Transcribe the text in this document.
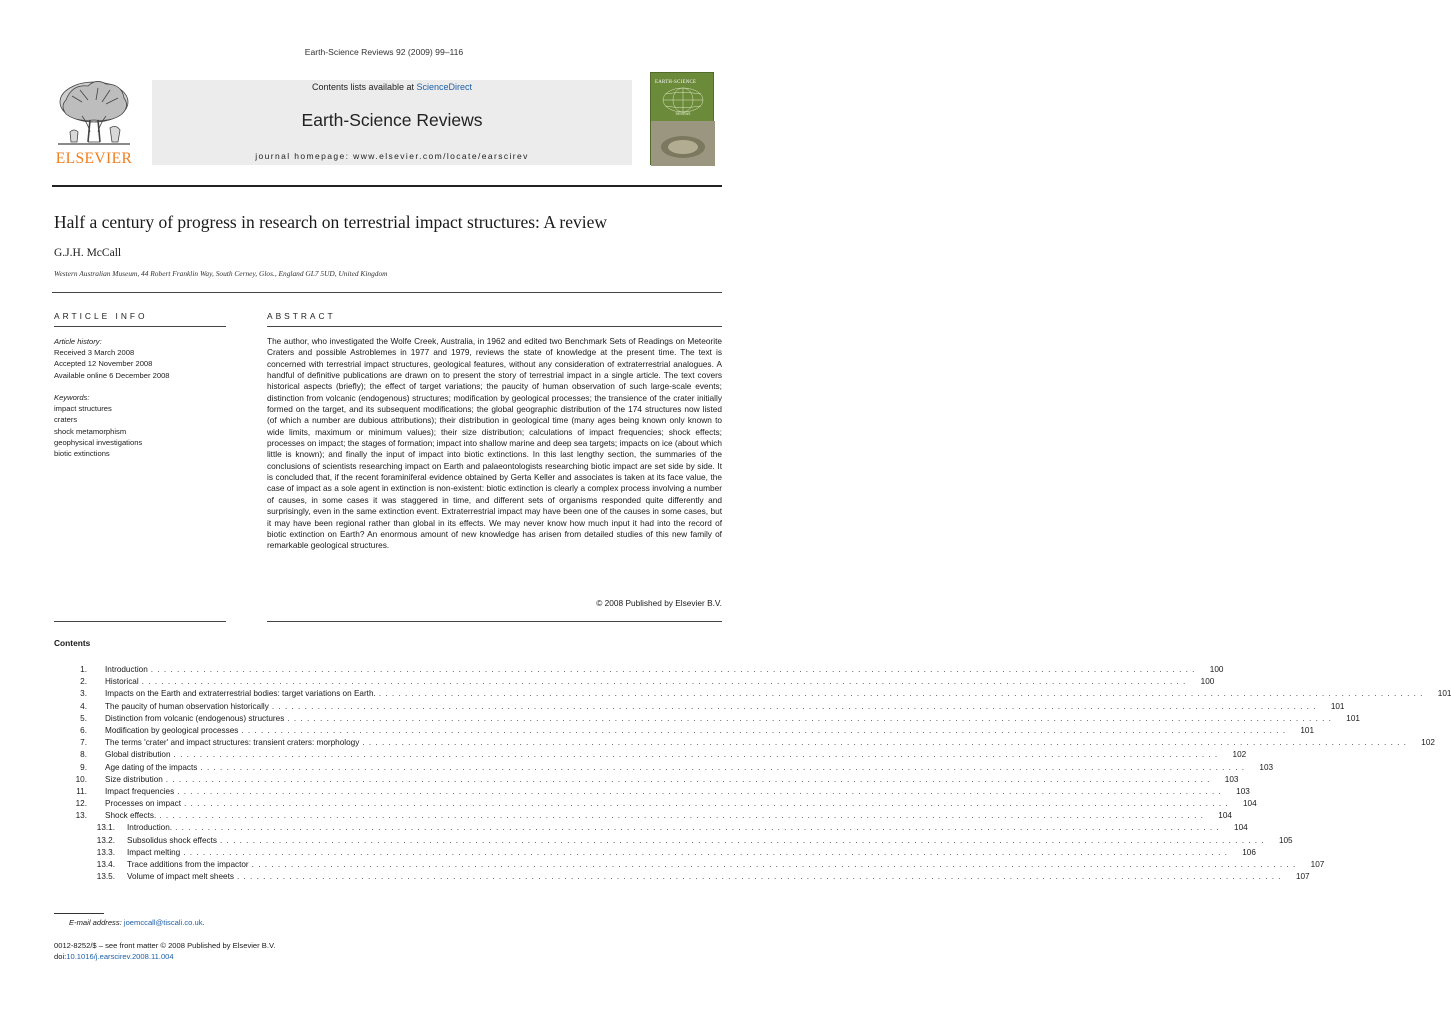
Earth-Science Reviews 92 (2009) 99–116
ELSEVIER
Contents lists available at ScienceDirect
Earth-Science Reviews
journal homepage: www.elsevier.com/locate/earscirev
EARTH-SCIENCE
REVIEWS
Half a century of progress in research on terrestrial impact structures: A review
G.J.H. McCall
Western Australian Museum, 44 Robert Franklin Way, South Cerney, Glos., England GL7 5UD, United Kingdom
ARTICLE INFO	ABSTRACT
Article history:
Received 3 March 2008
Accepted 12 November 2008
Available online 6 December 2008
Keywords:
impact structures
craters
shock metamorphism
geophysical investigations
biotic extinctions
The author, who investigated the Wolfe Creek, Australia, in 1962 and edited two Benchmark Sets of Readings on Meteorite Craters and possible Astroblemes in 1977 and 1979, reviews the state of knowledge at the present time. The text is concerned with terrestrial impact structures, geological features, without any consideration of extraterrestrial analogues. A handful of definitive publications are drawn on to present the story of terrestrial impact in a single article. The text covers historical aspects (briefly); the effect of target variations; the paucity of human observation of such large-scale events; distinction from volcanic (endogenous) structures; modification by geological processes; the transience of the crater initially formed on the target, and its subsequent modifications; the global geographic distribution of the 174 structures now listed (of which a number are dubious attributions); their distribution in geological time (many ages being known only known to wide limits, maximum or minimum values); their size distribution; calculations of impact frequencies; shock effects; processes on impact; the stages of formation; impact into shallow marine and deep sea targets; impacts on ice (about which little is known); and finally the input of impact into biotic extinctions. In this last lengthy section, the summaries of the conclusions of scientists researching impact on Earth and palaeontologists researching biotic impact are set side by side. It is concluded that, if the recent foraminiferal evidence obtained by Gerta Keller and associates is taken at its face value, the case of impact as a sole agent in extinction is non-existent: biotic extinction is clearly a complex process involving a number of causes, in some cases it was staggered in time, and different sets of organisms responded quite differently and surprisingly, even in the same extinction event. Extraterrestrial impact may have been one of the causes in some cases, but it may have been regional rather than global in its effects. We may never know how much input it had into the record of biotic extinction on Earth? An enormous amount of new knowledge has arisen from detailed studies of this new family of remarkable geological structures.
© 2008 Published by Elsevier B.V.
Contents
1. Introduction . . . . . . . . . . . . . . . . . . . . . . . . . . . . . . . . . . . . . . . . . . . . . . . . . . . . . . . . . . . . . . . . . . . . . . . . . . . . . . . . . . . . . . . . . . . . . . . . . . . . . . . . . . . . . . . . . . . . . . . . . . . . . . . . . . . . . . . . . . . . . . . . . . . . . . . . . . . . . . . .	100
2. Historical . . . . . . . . . . . . . . . . . . . . . . . . . . . . . . . . . . . . . . . . . . . . . . . . . . . . . . . . . . . . . . . . . . . . . . . . . . . . . . . . . . . . . . . . . . . . . . . . . . . . . . . . . . . . . . . . . . . . . . . . . . . . . . . . . . . . . . . . . . . . . . . . . . . . . . . . . . . . . . . .	100
3. Impacts on the Earth and extraterrestrial bodies: target variations on Earth. . . . . . . . . . . . . . . . . . . . . . . . . . . . . . . . . . . . . . . . . . . . . . . . . . . . . . . . . . . . . . . . . . . . . . . . . . . . . . . . . . . . . . . . . . . . . . . . . . . . . . . . . . . . . . . . . . . . . . . . . . . . . . . . . . . . . . . . . . . . . . . . . . . . . . . . . . . . . . . . .	101
4. The paucity of human observation historically . . . . . . . . . . . . . . . . . . . . . . . . . . . . . . . . . . . . . . . . . . . . . . . . . . . . . . . . . . . . . . . . . . . . . . . . . . . . . . . . . . . . . . . . . . . . . . . . . . . . . . . . . . . . . . . . . . . . . . . . . . . . . . . . . . . . . . . . . . . . . . . . . . . . . . . . . . . . . . . .	101
5. Distinction from volcanic (endogenous) structures . . . . . . . . . . . . . . . . . . . . . . . . . . . . . . . . . . . . . . . . . . . . . . . . . . . . . . . . . . . . . . . . . . . . . . . . . . . . . . . . . . . . . . . . . . . . . . . . . . . . . . . . . . . . . . . . . . . . . . . . . . . . . . . . . . . . . . . . . . . . . . . . . . . . . . . . . . . . . . . .	101
6. Modification by geological processes . . . . . . . . . . . . . . . . . . . . . . . . . . . . . . . . . . . . . . . . . . . . . . . . . . . . . . . . . . . . . . . . . . . . . . . . . . . . . . . . . . . . . . . . . . . . . . . . . . . . . . . . . . . . . . . . . . . . . . . . . . . . . . . . . . . . . . . . . . . . . . . . . . . . . . . . . . . . . . . .	101
7. The terms 'crater' and impact structures: transient craters: morphology . . . . . . . . . . . . . . . . . . . . . . . . . . . . . . . . . . . . . . . . . . . . . . . . . . . . . . . . . . . . . . . . . . . . . . . . . . . . . . . . . . . . . . . . . . . . . . . . . . . . . . . . . . . . . . . . . . . . . . . . . . . . . . . . . . . . . . . . . . . . . . . . . . . . . . . . . . . . . . . .	102
8. Global distribution . . . . . . . . . . . . . . . . . . . . . . . . . . . . . . . . . . . . . . . . . . . . . . . . . . . . . . . . . . . . . . . . . . . . . . . . . . . . . . . . . . . . . . . . . . . . . . . . . . . . . . . . . . . . . . . . . . . . . . . . . . . . . . . . . . . . . . . . . . . . . . . . . . . . . . . . . . . . . . . .	102
9. Age dating of the impacts . . . . . . . . . . . . . . . . . . . . . . . . . . . . . . . . . . . . . . . . . . . . . . . . . . . . . . . . . . . . . . . . . . . . . . . . . . . . . . . . . . . . . . . . . . . . . . . . . . . . . . . . . . . . . . . . . . . . . . . . . . . . . . . . . . . . . . . . . . . . . . . . . . . . . . . . . . . . . . . .	103
10. Size distribution . . . . . . . . . . . . . . . . . . . . . . . . . . . . . . . . . . . . . . . . . . . . . . . . . . . . . . . . . . . . . . . . . . . . . . . . . . . . . . . . . . . . . . . . . . . . . . . . . . . . . . . . . . . . . . . . . . . . . . . . . . . . . . . . . . . . . . . . . . . . . . . . . . . . . . . . . . . . . . . .	103
11. Impact frequencies . . . . . . . . . . . . . . . . . . . . . . . . . . . . . . . . . . . . . . . . . . . . . . . . . . . . . . . . . . . . . . . . . . . . . . . . . . . . . . . . . . . . . . . . . . . . . . . . . . . . . . . . . . . . . . . . . . . . . . . . . . . . . . . . . . . . . . . . . . . . . . . . . . . . . . . . . . . . . . . .	103
12. Processes on impact . . . . . . . . . . . . . . . . . . . . . . . . . . . . . . . . . . . . . . . . . . . . . . . . . . . . . . . . . . . . . . . . . . . . . . . . . . . . . . . . . . . . . . . . . . . . . . . . . . . . . . . . . . . . . . . . . . . . . . . . . . . . . . . . . . . . . . . . . . . . . . . . . . . . . . . . . . . . . . . .	104
13. Shock effects. . . . . . . . . . . . . . . . . . . . . . . . . . . . . . . . . . . . . . . . . . . . . . . . . . . . . . . . . . . . . . . . . . . . . . . . . . . . . . . . . . . . . . . . . . . . . . . . . . . . . . . . . . . . . . . . . . . . . . . . . . . . . . . . . . . . . . . . . . . . . . . . . . . . . . . . . . . . . . . . .	104
13.1. Introduction. . . . . . . . . . . . . . . . . . . . . . . . . . . . . . . . . . . . . . . . . . . . . . . . . . . . . . . . . . . . . . . . . . . . . . . . . . . . . . . . . . . . . . . . . . . . . . . . . . . . . . . . . . . . . . . . . . . . . . . . . . . . . . . . . . . . . . . . . . . . . . . . . . . . . . . . . . . . . . . . .	104
13.2. Subsolidus shock effects . . . . . . . . . . . . . . . . . . . . . . . . . . . . . . . . . . . . . . . . . . . . . . . . . . . . . . . . . . . . . . . . . . . . . . . . . . . . . . . . . . . . . . . . . . . . . . . . . . . . . . . . . . . . . . . . . . . . . . . . . . . . . . . . . . . . . . . . . . . . . . . . . . . . . . . . . . . . . . . .	105
13.3. Impact melting . . . . . . . . . . . . . . . . . . . . . . . . . . . . . . . . . . . . . . . . . . . . . . . . . . . . . . . . . . . . . . . . . . . . . . . . . . . . . . . . . . . . . . . . . . . . . . . . . . . . . . . . . . . . . . . . . . . . . . . . . . . . . . . . . . . . . . . . . . . . . . . . . . . . . . . . . . . . . . . .	106
13.4. Trace additions from the impactor . . . . . . . . . . . . . . . . . . . . . . . . . . . . . . . . . . . . . . . . . . . . . . . . . . . . . . . . . . . . . . . . . . . . . . . . . . . . . . . . . . . . . . . . . . . . . . . . . . . . . . . . . . . . . . . . . . . . . . . . . . . . . . . . . . . . . . . . . . . . . . . . . . . . . . . . . . . . . . . .	107
13.5. Volume of impact melt sheets . . . . . . . . . . . . . . . . . . . . . . . . . . . . . . . . . . . . . . . . . . . . . . . . . . . . . . . . . . . . . . . . . . . . . . . . . . . . . . . . . . . . . . . . . . . . . . . . . . . . . . . . . . . . . . . . . . . . . . . . . . . . . . . . . . . . . . . . . . . . . . . . . . . . . . . . . . . . . . . .	107
E-mail address: joemccall@tiscali.co.uk.
0012-8252/$ – see front matter © 2008 Published by Elsevier B.V.
doi:10.1016/j.earscirev.2008.11.004
